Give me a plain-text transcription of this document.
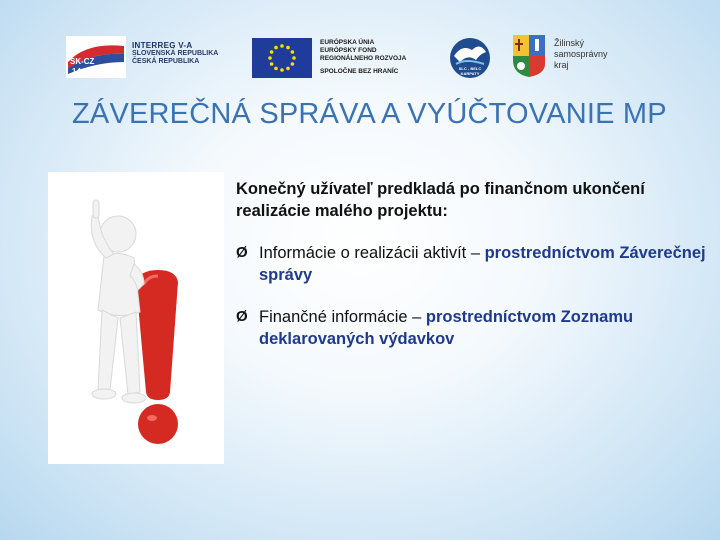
SK-CZ
14-20
INTERREG V-A
SLOVENSKÁ REPUBLIKA
ČESKÁ REPUBLIKA
EURÓPSKA ÚNIA
EURÓPSKY FOND
REGIONÁLNEHO ROZVOJA
SPOLOČNE BEZ HRANÍC	SLC - BELC
KARPATY
Žilinský
samosprávny
kraj
ZÁVEREČNÁ SPRÁVA A VYÚČTOVANIE MP

Konečný užívateľ predkladá po finančnom ukončení realizácie malého projektu:

Ø Informácie o realizácii aktivít – prostredníctvom Záverečnej správy
Ø Finančné informácie – prostredníctvom Zoznamu deklarovaných výdavkov
